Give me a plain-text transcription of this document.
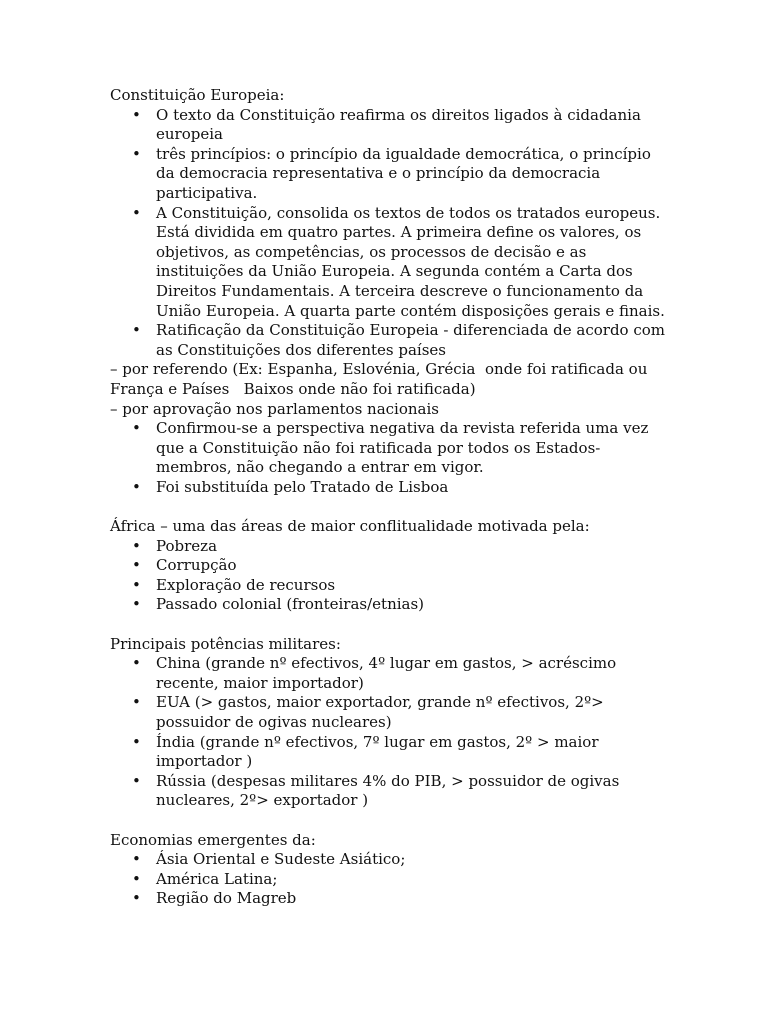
Constituição Europeia:

• O texto da Constituição reafirma os direitos ligados à cidadania europeia
• três princípios: o princípio da igualdade democrática, o princípio da democracia representativa e o princípio da democracia participativa.
• A Constituição, consolida os textos de todos os tratados europeus. Está dividida em quatro partes. A primeira define os valores, os objetivos, as competências, os processos de decisão e as instituições da União Europeia. A segunda contém a Carta dos Direitos Fundamentais. A terceira descreve o funcionamento da União Europeia. A quarta parte contém disposições gerais e finais.
• Ratificação da Constituição Europeia - diferenciada de acordo com as Constituições dos diferentes países

– por referendo (Ex: Espanha, Eslovénia, Grécia  onde foi ratificada ou

França e Países   Baixos onde não foi ratificada)

– por aprovação nos parlamentos nacionais

• Confirmou-se a perspectiva negativa da revista referida uma vez que a Constituição não foi ratificada por todos os Estados-membros, não chegando a entrar em vigor.
• Foi substituída pelo Tratado de Lisboa

África – uma das áreas de maior conflitualidade motivada pela:

• Pobreza
• Corrupção
• Exploração de recursos
• Passado colonial (fronteiras/etnias)

Principais potências militares:

• China (grande nº efectivos, 4º lugar em gastos, > acréscimo recente, maior importador)
• EUA (> gastos, maior exportador, grande nº efectivos, 2º> possuidor de ogivas nucleares)
• Índia (grande nº efectivos, 7º lugar em gastos, 2º > maior importador )
• Rússia (despesas militares 4% do PIB, > possuidor de ogivas nucleares, 2º> exportador )

Economias emergentes da:

• Ásia Oriental e Sudeste Asiático;
• América Latina;
• Região do Magreb
